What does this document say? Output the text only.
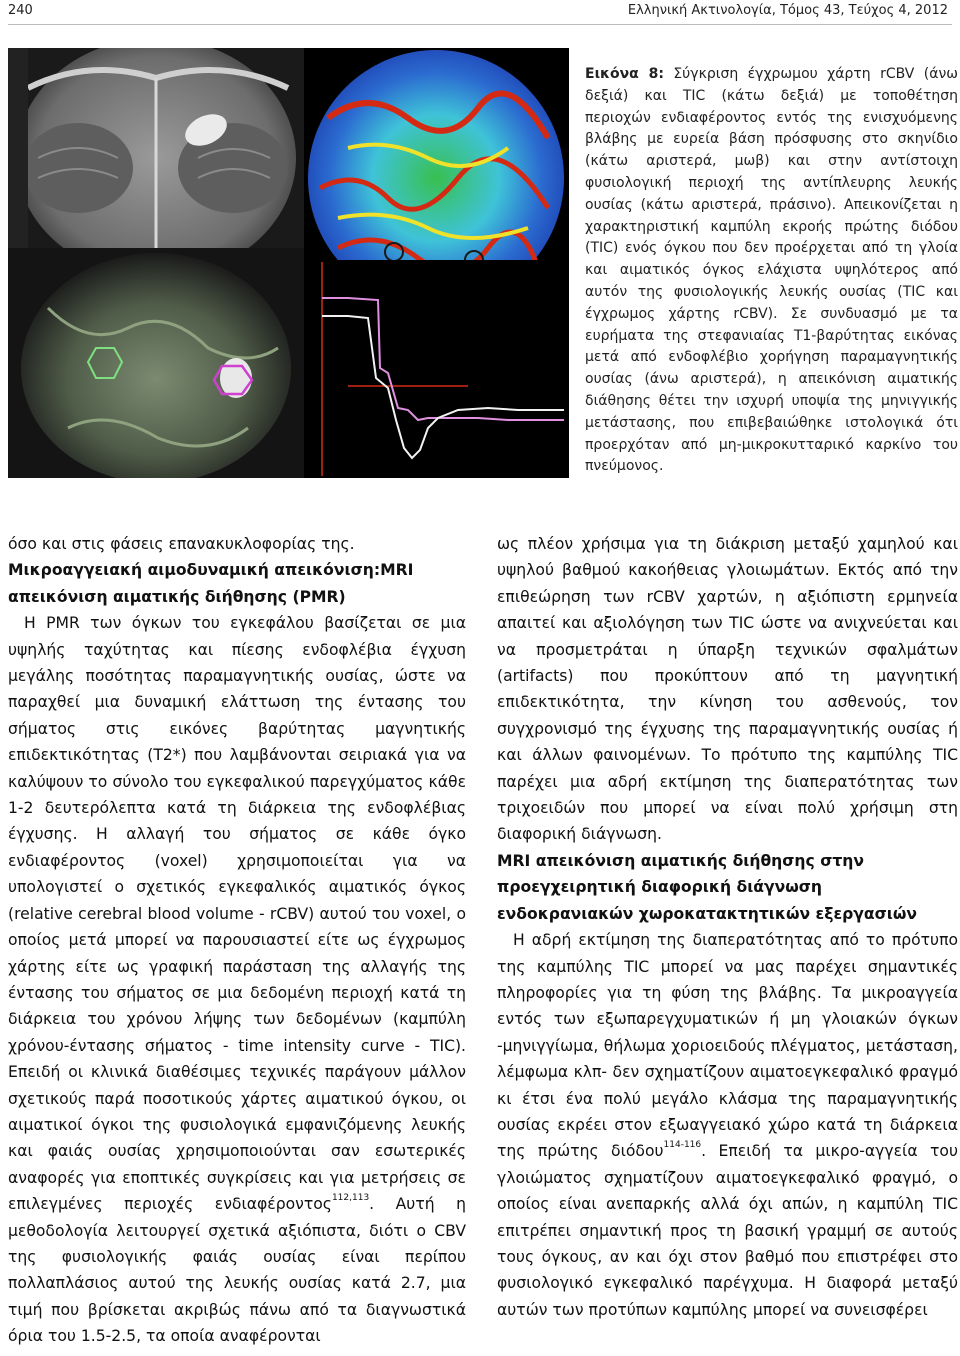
240	Ελληνική Ακτινολογία, Τόμος 43, Τεύχος 4, 2012

Εικόνα 8: Σύγκριση έγχρωμου χάρτη rCBV (άνω δεξιά) και TIC (κάτω δεξιά) με τοποθέτηση περιοχών ενδιαφέροντος εντός της ενισχυόμενης βλάβης με ευρεία βάση πρόσφυσης στο σκηνίδιο (κάτω αριστερά, μωβ) και στην αντίστοιχη φυσιολογική περιοχή της αντίπλευρης λευκής ουσίας (κάτω αριστερά, πράσινο). Απεικονίζεται η χαρακτηριστική καμπύλη εκροής πρώτης διόδου (TIC) ενός όγκου που δεν προέρχεται από τη γλοία και αιματικός όγκος ελάχιστα υψηλότερος από αυτόν της φυσιολογικής λευκής ουσίας (TIC και έγχρωμος χάρτης rCBV). Σε συνδυασμό με τα ευρήματα της στεφανιαίας T1-βαρύτητας εικόνας μετά από ενδοφλέβιο χορήγηση παραμαγνητικής ουσίας (άνω αριστερά), η απεικόνιση αιματικής διάθησης θέτει την ισχυρή υποψία της μηνιγγικής μετάστασης, που επιβεβαιώθηκε ιστολογικά ότι προερχόταν από μη-μικροκυτταρικό καρκίνο του πνεύμονος.

όσο και στις φάσεις επανακυκλοφορίας της.

Μικροαγγειακή αιμοδυναμική απεικόνιση:MRI απεικόνιση αιματικής διήθησης (PMR)

Η PMR των όγκων του εγκεφάλου βασίζεται σε μια υψηλής ταχύτητας και πίεσης ενδοφλέβια έγχυση μεγάλης ποσότητας παραμαγνητικής ουσίας, ώστε να παραχθεί μια δυναμική ελάττωση της έντασης του σήματος στις εικόνες βαρύτητας μαγνητικής επιδεκτικότητας (T2*) που λαμβάνονται σειριακά για να καλύψουν το σύνολο του εγκεφαλικού παρεγχύματος κάθε 1-2 δευτερόλεπτα κατά τη διάρκεια της ενδοφλέβιας έγχυσης. Η αλλαγή του σήματος σε κάθε όγκο ενδιαφέροντος (voxel) χρησιμοποιείται για να υπολογιστεί ο σχετικός εγκεφαλικός αιματικός όγκος (relative cerebral blood volume - rCBV) αυτού του voxel, ο οποίος μετά μπορεί να παρουσιαστεί είτε ως έγχρωμος χάρτης είτε ως γραφική παράσταση της αλλαγής της έντασης του σήματος σε μια δεδομένη περιοχή κατά τη διάρκεια του χρόνου λήψης των δεδομένων (καμπύλη χρόνου-έντασης σήματος - time intensity curve - TIC). Επειδή οι κλινικά διαθέσιμες τεχνικές παράγουν μάλλον σχετικούς παρά ποσοτικούς χάρτες αιματικού όγκου, οι αιματικοί όγκοι της φυσιολογικά εμφανιζόμενης λευκής και φαιάς ουσίας χρησιμοποιούνται σαν εσωτερικές αναφορές για εποπτικές συγκρίσεις και για μετρήσεις σε επιλεγμένες περιοχές ενδιαφέροντος$^{112,113}$. Αυτή η μεθοδολογία λειτουργεί σχετικά αξιόπιστα, διότι ο CBV της φυσιολογικής φαιάς ουσίας είναι περίπου πολλαπλάσιος αυτού της λευκής ουσίας κατά 2.7, μια τιμή που βρίσκεται ακριβώς πάνω από τα διαγνωστικά όρια του 1.5-2.5, τα οποία αναφέρονται

ως πλέον χρήσιμα για τη διάκριση μεταξύ χαμηλού και υψηλού βαθμού κακοήθειας γλοιωμάτων. Εκτός από την επιθεώρηση των rCBV χαρτών, η αξιόπιστη ερμηνεία απαιτεί και αξιολόγηση των TIC ώστε να ανιχνεύεται και να προσμετράται η ύπαρξη τεχνικών σφαλμάτων (artifacts) που προκύπτουν από τη μαγνητική επιδεκτικότητα, την κίνηση του ασθενούς, τον συγχρονισμό της έγχυσης της παραμαγνητικής ουσίας ή και άλλων φαινομένων. Το πρότυπο της καμπύλης TIC παρέχει μια αδρή εκτίμηση της διαπερατότητας των τριχοειδών που μπορεί να είναι πολύ χρήσιμη στη διαφορική διάγνωση.

MRI απεικόνιση αιματικής διήθησης στην προεγχειρητική διαφορική διάγνωση ενδοκρανιακών χωροκατακτητικών εξεργασιών

Η αδρή εκτίμηση της διαπερατότητας από το πρότυπο της καμπύλης TIC μπορεί να μας παρέχει σημαντικές πληροφορίες για τη φύση της βλάβης. Τα μικροαγγεία εντός των εξωπαρεγχυματικών ή μη γλοιακών όγκων -μηνιγγίωμα, θήλωμα χοριοειδούς πλέγματος, μετάσταση, λέμφωμα κλπ- δεν σχηματίζουν αιματοεγκεφαλικό φραγμό κι έτσι ένα πολύ μεγάλο κλάσμα της παραμαγνητικής ουσίας εκρέει στον εξωαγγειακό χώρο κατά τη διάρκεια της πρώτης διόδου$^{114-116}$. Επειδή τα μικρο-αγγεία του γλοιώματος σχηματίζουν αιματοεγκεφαλικό φραγμό, ο οποίος είναι ανεπαρκής αλλά όχι απών, η καμπύλη TIC επιτρέπει σημαντική προς τη βασική γραμμή σε αυτούς τους όγκους, αν και όχι στον βαθμό που επιστρέφει στο φυσιολογικό εγκεφαλικό παρέγχυμα. Η διαφορά μεταξύ αυτών των προτύπων καμπύλης μπορεί να συνεισφέρει
